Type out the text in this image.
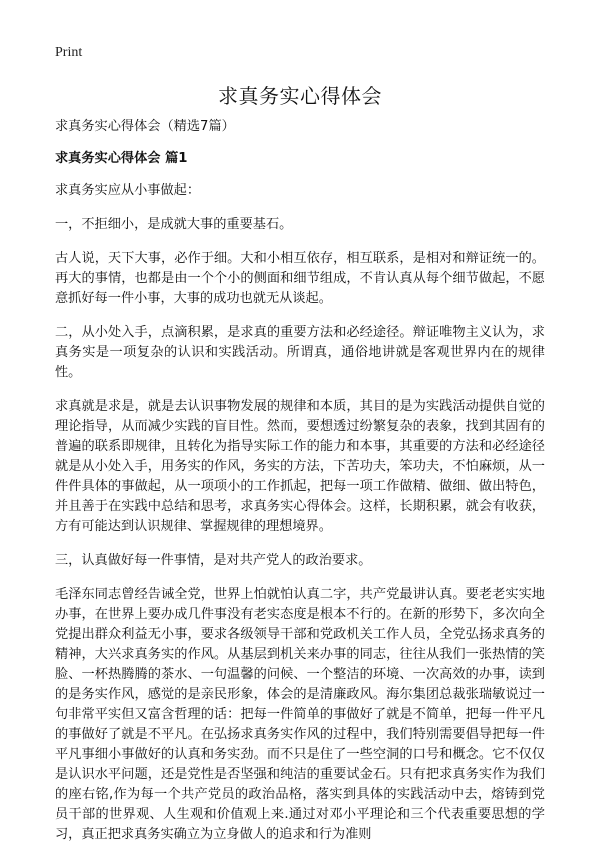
Print
求真务实心得体会

求真务实心得体会（精选7篇）

求真务实心得体会 篇1

求真务实应从小事做起：

一，不拒细小，是成就大事的重要基石。

古人说，天下大事，必作于细。大和小相互依存，相互联系，是相对和辩证统一的。再大的事情，也都是由一个个小的侧面和细节组成，不肯认真从每个细节做起，不愿意抓好每一件小事，大事的成功也就无从谈起。

二，从小处入手，点滴积累，是求真的重要方法和必经途径。辩证唯物主义认为，求真务实是一项复杂的认识和实践活动。所谓真，通俗地讲就是客观世界内在的规律性。

求真就是求是，就是去认识事物发展的规律和本质，其目的是为实践活动提供自觉的理论指导，从而减少实践的盲目性。然而，要想透过纷繁复杂的表象，找到其固有的普遍的联系即规律，且转化为指导实际工作的能力和本事，其重要的方法和必经途径就是从小处入手，用务实的作风，务实的方法，下苦功夫，笨功夫，不怕麻烦，从一件件具体的事做起，从一项项小的工作抓起，把每一项工作做精、做细、做出特色，并且善于在实践中总结和思考，求真务实心得体会。这样，长期积累，就会有收获，方有可能达到认识规律、掌握规律的理想境界。

三，认真做好每一件事情，是对共产党人的政治要求。

毛泽东同志曾经告诫全党，世界上怕就怕认真二字，共产党最讲认真。要老老实实地办事，在世界上要办成几件事没有老实态度是根本不行的。在新的形势下，多次向全党提出群众利益无小事，要求各级领导干部和党政机关工作人员，全党弘扬求真务的精神，大兴求真务实的作风。从基层到机关来办事的同志，往往从我们一张热情的笑脸、一杯热腾腾的茶水、一句温馨的问候、一个整洁的环境、一次高效的办事，读到的是务实作风，感觉的是亲民形象，体会的是清廉政风。海尔集团总裁张瑞敏说过一句非常平实但又富含哲理的话：把每一件简单的事做好了就是不简单，把每一件平凡的事做好了就是不平凡。在弘扬求真务实作风的过程中，我们特别需要倡导把每一件平凡事细小事做好的认真和务实劲。而不只是住了一些空洞的口号和概念。它不仅仅是认识水平问题，还是党性是否坚强和纯洁的重要试金石。只有把求真务实作为我们的座右铭,作为每一个共产党员的政治品格，落实到具体的实践活动中去，熔铸到党员干部的世界观、人生观和价值观上来.通过对邓小平理论和三个代表重要思想的学习，真正把求真务实确立为立身做人的追求和行为准则
